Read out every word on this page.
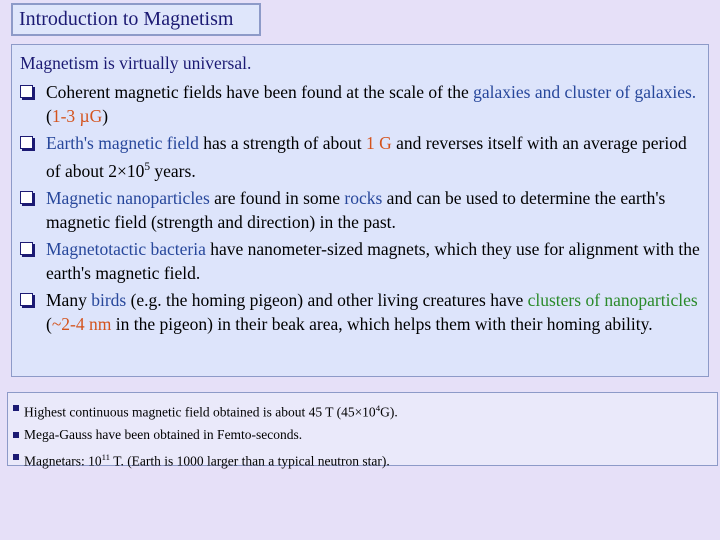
Introduction to Magnetism
Magnetism is virtually universal.
Coherent magnetic fields have been found at the scale of the galaxies and cluster of galaxies. (1-3 µG)
Earth's magnetic field has a strength of about 1 G and reverses itself with an average period of about $2\times 10^5$ years.
Magnetic nanoparticles are found in some rocks and can be used to determine the earth's magnetic field (strength and direction) in the past.
Magnetotactic bacteria have nanometer-sized magnets, which they use for alignment with the earth's magnetic field.
Many birds (e.g. the homing pigeon) and other living creatures have clusters of nanoparticles (~2-4 nm in the pigeon) in their beak area, which helps them with their homing ability.
Highest continuous magnetic field obtained is about 45 T $(45\times 10^4G)$.
Mega-Gauss have been obtained in Femto-seconds.
Magnetars: $10^{11}$ T. (Earth is 1000 larger than a typical neutron star).
